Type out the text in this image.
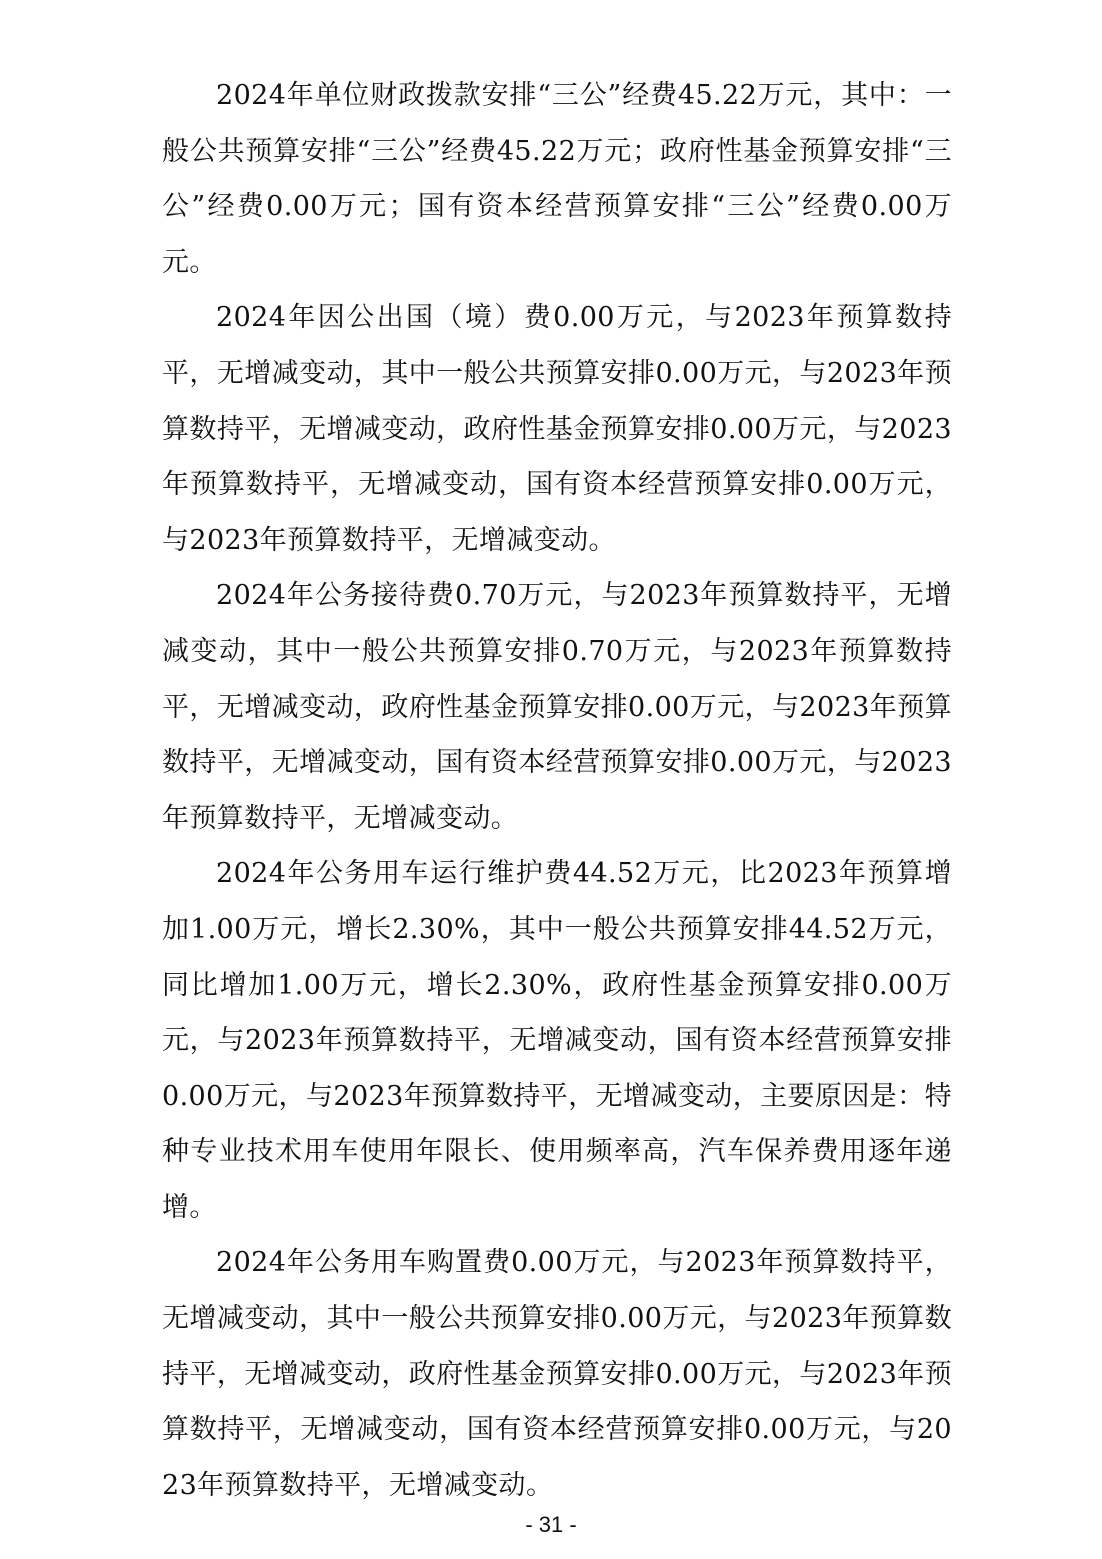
2024年单位财政拨款安排“三公”经费45.22万元，其中：一般公共预算安排“三公”经费45.22万元；政府性基金预算安排“三公”经费0.00万元；国有资本经营预算安排“三公”经费0.00万元。

2024年因公出国（境）费0.00万元，与2023年预算数持平，无增减变动，其中一般公共预算安排0.00万元，与2023年预算数持平，无增减变动，政府性基金预算安排0.00万元，与2023年预算数持平，无增减变动，国有资本经营预算安排0.00万元，与2023年预算数持平，无增减变动。

2024年公务接待费0.70万元，与2023年预算数持平，无增减变动，其中一般公共预算安排0.70万元，与2023年预算数持平，无增减变动，政府性基金预算安排0.00万元，与2023年预算数持平，无增减变动，国有资本经营预算安排0.00万元，与2023年预算数持平，无增减变动。

2024年公务用车运行维护费44.52万元，比2023年预算增加1.00万元，增长2.30%，其中一般公共预算安排44.52万元，同比增加1.00万元，增长2.30%，政府性基金预算安排0.00万元，与2023年预算数持平，无增减变动，国有资本经营预算安排0.00万元，与2023年预算数持平，无增减变动，主要原因是：特种专业技术用车使用年限长、使用频率高，汽车保养费用逐年递增。

2024年公务用车购置费0.00万元，与2023年预算数持平，无增减变动，其中一般公共预算安排0.00万元，与2023年预算数持平，无增减变动，政府性基金预算安排0.00万元，与2023年预算数持平，无增减变动，国有资本经营预算安排0.00万元，与2023年预算数持平，无增减变动。

- 31 -
